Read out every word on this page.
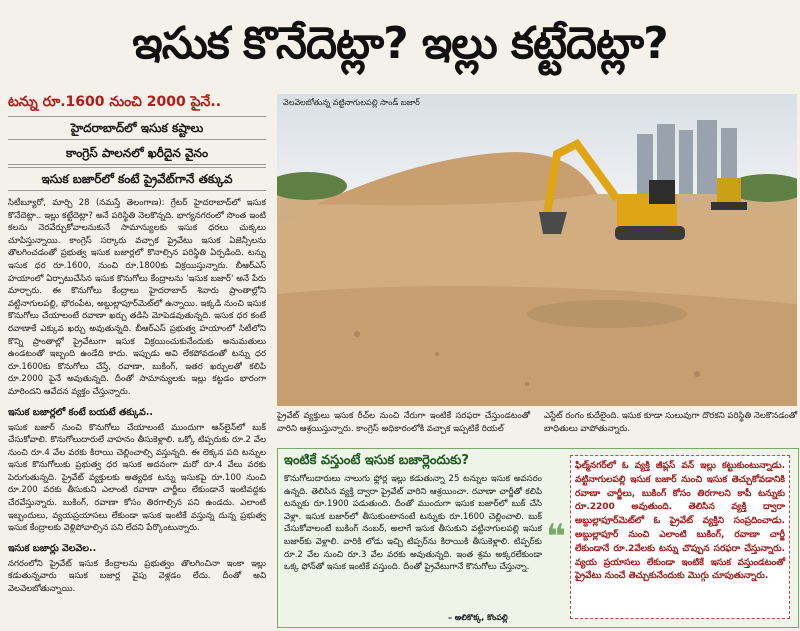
ఇసుక కొనేదెట్లా? ఇల్లు కట్టేదెట్లా?
టన్ను రూ.1600 నుంచి 2000 పైనే..
హైదరాబాద్‌లో ఇసుక కష్టాలు
కాంగ్రెస్ పాలనలో ఖరీదైన వైనం
ఇసుక బజార్‌లో కంటే ప్రైవేట్‌గానే తక్కువ
సిటీబ్యూరో, మార్చి 28 (నమస్తే తెలంగాణ): గ్రేటర్ హైదరాబాద్‌లో ఇసుక కొనేదెట్లా.. ఇల్లు కట్టేదెట్లా? అనే పరిస్థితి నెలకొన్నది. భాగ్యనగరంలో సొంత ఇంటి కలను నెరవేర్చుకోవాలనుకునే సామాన్యులకు ఇసుక ధరలు చుక్కలు చూపిస్తున్నాయి. కాంగ్రెస్ సర్కారు వచ్చాక ప్రైవేటు ఇసుక ఏజెన్సీలను తొలగించడంతో ప్రభుత్వ ఇసుక బజార్లలో కొనాల్సిన పరిస్థితి ఏర్పడింది. టన్ను ఇసుక ధర రూ.1600, నుంచి రూ.1800కు విక్రయిస్తున్నారు. బీఆర్ఎస్ హయాంలో ఏర్పాటుచేసిన ఇసుక కొనుగోలు కేంద్రాలను 'ఇసుక బజార్' అనే పేరు మార్చారు. ఈ కొనుగోలు కేంద్రాలు హైదరాబాద్ శివారు ప్రాంతాల్లోని వట్టినాగులపల్లి, భౌరంపేట, అబ్దుల్లాపూర్‌మెట్‌లో ఉన్నాయి. ఇక్కడి నుంచి ఇసుక కొనుగోలు చేయాలంటే రవాణా ఖర్చు తడిసి మోపెడవుతున్నది. ఇసుక ధర కంటే రవాణాకే ఎక్కువ ఖర్చు అవుతున్నది. బీఆర్ఎస్ ప్రభుత్వ హయాంలో సిటీలోని కొన్ని ప్రాంతాల్లో ప్రైవేటుగా ఇసుక విక్రయించుకునేందుకు అనుమతులు ఉండటంతో ఇబ్బంది ఉండేది కాదు. ఇప్పుడు అవి లేకపోవడంతో టన్ను ధర రూ.1600కు కొనుగోలు చేస్తే, రవాణా, బుకింగ్, ఇతర ఖర్చులతో కలిపి రూ.2000 పైనే అవుతున్నది. దీంతో సామాన్యులకు ఇల్లు కట్టడం భారంగా మారిందని ఆవేదన వ్యక్తం చేస్తున్నారు.
ఇసుక బజార్లలో కంటే బయటే తక్కువ..
ఇసుక బజార్ నుంచి కొనుగోలు చేయాలంటే ముందుగా ఆన్‌లైన్‌లో బుక్ చేసుకోవాలి. కొనుగోలుదారులే వాహనం తీసుకెళ్లాలి. ఒక్కో టిప్పరుకు రూ.2 వేల నుంచి రూ.4 వేల వరకు కిరాయి చెల్లించాల్సి వస్తున్నది. ఈ లెక్కన పది టన్నుల ఇసుక కొనుగోలుకు ప్రభుత్వ ధర ఇసుక అదనంగా మరో రూ.4 వేలు వరకు పెరుగుతున్నది. ప్రైవేట్ వ్యక్తులకు అత్యధిక టన్ను ఇసుకపై రూ.100 నుంచి రూ.200 వరకు తీసుకుని ఎలాంటి రవాణా చార్జీలు లేకుండానే ఇంటివద్దకు చేరవేస్తున్నారు. బుకింగ్, రవాణా కోసం తిరగాల్సిన పని ఉండదు. ఎలాంటి ఇబ్బందులు, వ్యయప్రయాసలు లేకుండా ఇసుక ఇంటికే వస్తున్న దున్న ప్రభుత్వ ఇసుక కేంద్రాలకు వెళ్లిపోవాల్సిన పని లేదని పేర్కొంటున్నారు.
ఇసుక బజార్లు వెలవెల..
నగరంలోని ప్రైవేట్ ఇసుక కేంద్రాలను ప్రభుత్వం తొలగించినా ఇంకా ఇల్లు కడుతున్నవారు ఇసుక బజార్ల వైపు వెళ్లడం లేదు. దీంతో అవి వెలవెలబోతున్నాయి.
వెలవెలబోతున్న వట్టినాగులపల్లి సాండ్ బజార్
ప్రైవేట్ వ్యక్తులు ఇసుక రీచ్‌ల నుంచి నేరుగా ఇంటికే సరఫరా చేస్తుండటంతో వారిని ఆశ్రయిస్తున్నారు. కాంగ్రెస్ అధికారంలోకి వచ్చాక ఇప్పటికే రియల్
ఎస్టేట్ రంగం కుదేలైంది. ఇసుక కూడా సులువుగా దొరకని పరిస్థితి నెలకొనడంతో బాధితులు వాపోతున్నారు.
ఇంటికే వస్తుంటే ఇసుక బజార్లెందుకు?
కొనుగోలుదారులు నాలుగు ఫ్లోర్ల ఇల్లు కడుతున్నా 25 టన్నుల ఇసుక అవసరం ఉన్నది. తెలిసిన వ్యక్తి ద్వారా ప్రైవేట్ వారిని ఆశ్రయించా. రవాణా చార్జీతో కలిపి టన్నుకు రూ.1900 పడుతుంది. దీంతో ముందుగా ఇసుక బజార్‌లో బుక్ చేసి వెళ్లా. ఇసుక బజార్‌లో తీసుకుంటానంటే టన్నుకు రూ.1600 చెల్లించాలి. బుక్ చేసుకోవాలంటే బుకింగ్ నంబర్, అలాగే ఇసుక తీసుకుని వట్టినాగులపల్లి ఇసుక బజార్‌కు వెళ్లాలి. వారికి లోడు ఇచ్చి టిప్పర్‌ను కిరాయికి తీసుకెళ్లాలి. టిప్పర్‌కు రూ.2 వేల నుంచి రూ.3 వేల వరకు అవుతున్నది. ఇంత శ్రమ అక్కరలేకుండా ఒక్క ఫోన్‌తో ఇసుక ఇంటికే వస్తుంది. దీంతో ప్రైవేటుగానే కొనుగోలు చేస్తున్నా.
– అలికొక్క, కొంపల్లి
❝
ఫిల్మ్‌నగర్‌లో ఓ వ్యక్తి జీప్లస్ వన్ ఇల్లు కట్టుకుంటున్నాడు. వట్టినాగులపల్లి ఇసుక బజార్ నుంచి ఇసుక తెచ్చుకోవడానికి రవాణా చార్జీలు, బుకింగ్ కోసం తిరగాలని కాపీ టన్నుకు రూ.2200 అవుతుంది. తెలిసిన వ్యక్తి ద్వారా అబ్దుల్లాపూర్‌మెట్‌లో ఓ ప్రైవేట్ వ్యక్తిని సంప్రదించాడు. అబ్దుల్లాపూర్ నుంచి ఎలాంటి బుకింగ్, రవాణా చార్జీ లేకుండానే రూ.2వేలకు టన్ను చొప్పున సరఫరా చేస్తున్నారు. వ్యయ ప్రయాసలు లేకుండా ఇంటికే ఇసుక వస్తుండటంతో ప్రైవేటు నుంచే తెచ్చుకునేందుకు మొగ్గు చూపుతున్నారు.
